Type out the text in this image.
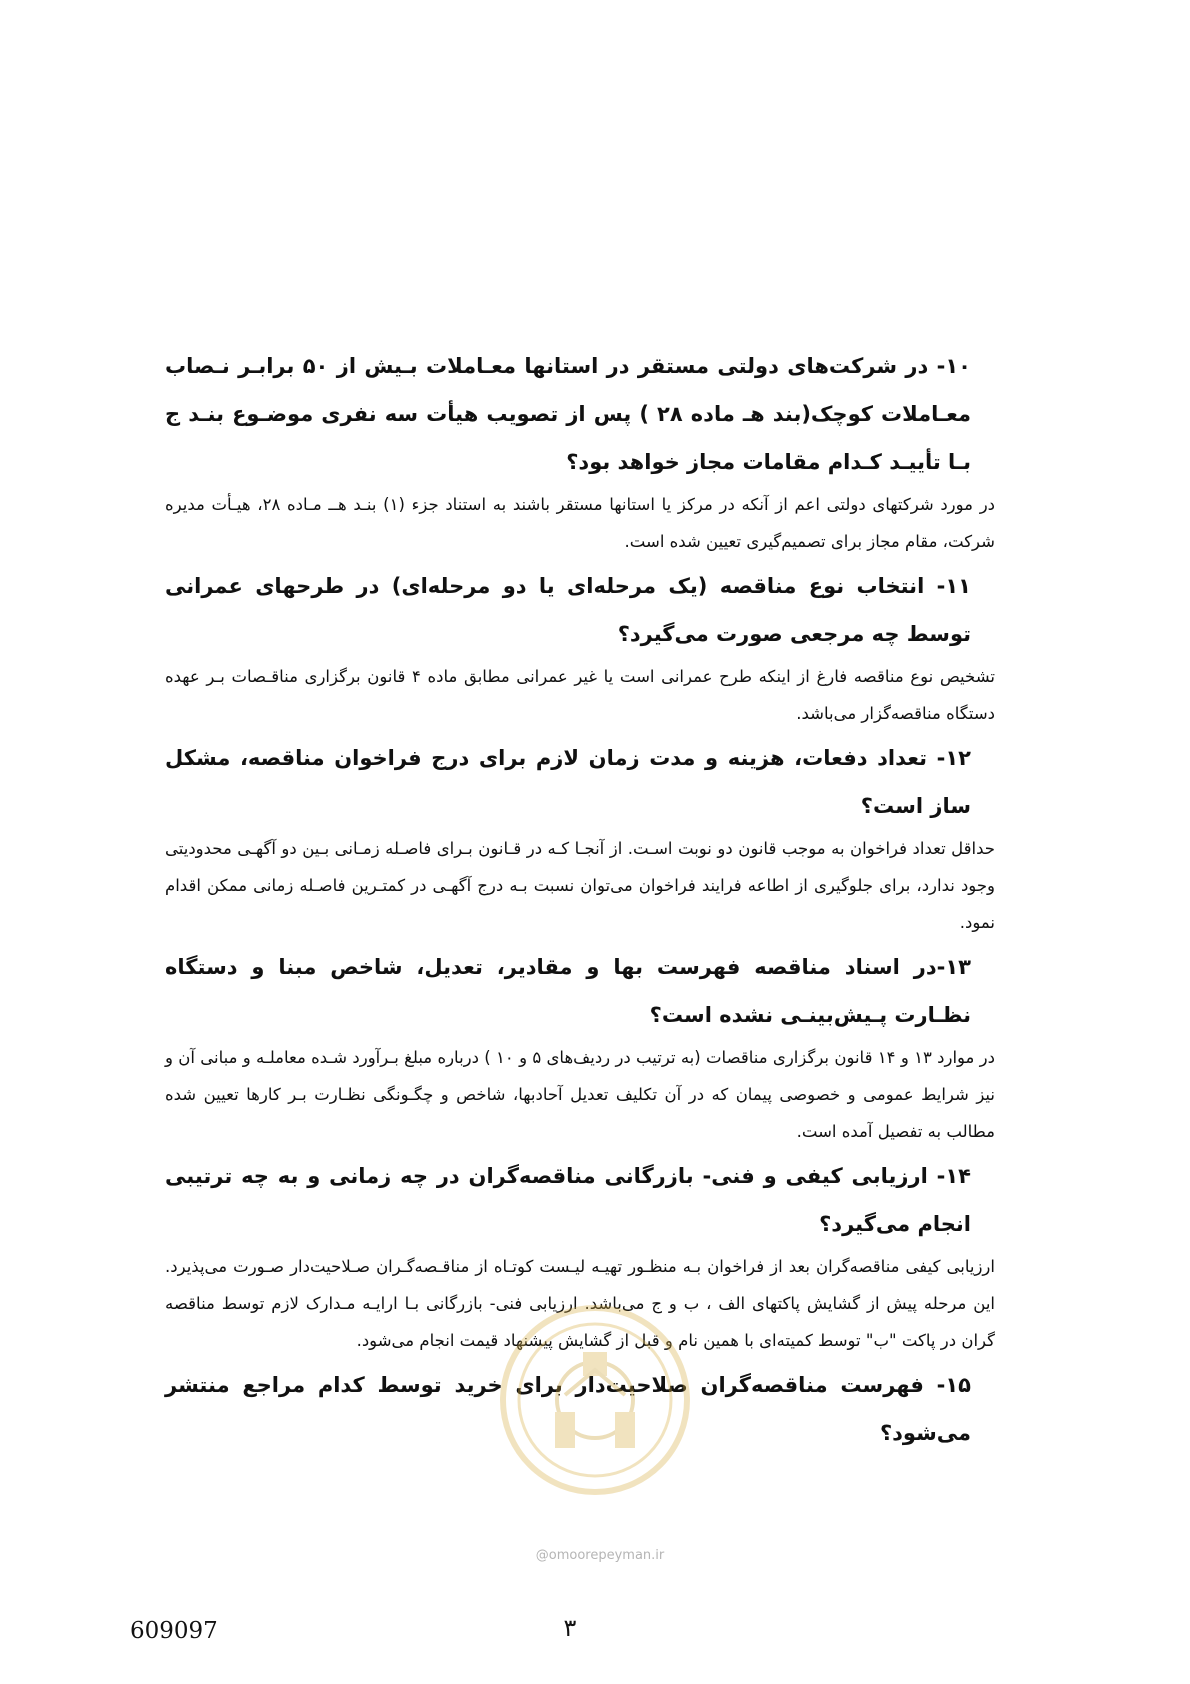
۱۰- در شرکت‌های دولتی مستقر در استانها معـاملات بـیش از ۵۰ برابـر نـصاب معـاملات کوچک(بند هـ ماده ۲۸ ) پس از تصویب هیأت سه نفری موضـوع بنـد ج بـا تأییـد کـدام مقامات مجاز خواهد بود؟

در مورد شرکتهای دولتی اعم از آنکه در مرکز یا استانها مستقر باشند به استناد جزء (۱) بنـد هــ مـاده ۲۸، هیـأت مدیره شرکت، مقام مجاز برای تصمیم‌گیری تعیین شده است.

۱۱- انتخاب نوع مناقصه (یک مرحله‌ای یا دو مرحله‌ای) در طرحهای عمرانی توسط چه مرجعی صورت می‌گیرد؟

تشخیص نوع مناقصه فارغ از اینکه طرح عمرانی است یا غیر عمرانی مطابق ماده ۴ قانون برگزاری مناقـصات بـر عهده دستگاه مناقصه‌گزار می‌باشد.

۱۲- تعداد دفعات، هزینه و مدت زمان لازم برای درج فراخوان مناقصه، مشکل ساز است؟

حداقل تعداد فراخوان به موجب قانون دو نوبت اسـت. از آنجـا کـه در قـانون بـرای فاصـله زمـانی بـین دو آگهـی محدودیتی وجود ندارد، برای جلوگیری از اطاعه فرایند فراخوان می‌توان نسبت بـه درج آگهـی در کمتـرین فاصـله زمانی ممکن اقدام نمود.

۱۳-در اسناد مناقصه فهرست بها و مقادیر، تعدیل، شاخص مبنا و دستگاه نظـارت پـیش‌بینـی نشده است؟

در موارد ۱۳ و ۱۴ قانون برگزاری مناقصات (به ترتیب در ردیف‌های ۵ و ۱۰ ) درباره مبلغ بـرآورد شـده معاملـه و مبانی آن و نیز شرایط عمومی و خصوصی پیمان که در آن تکلیف تعدیل آحادبها، شاخص و چگـونگی نظـارت بـر کارها تعیین شده مطالب به تفصیل آمده است.

۱۴- ارزیابی کیفی و فنی- بازرگانی مناقصه‌گران در چه زمانی و به چه ترتیبی انجام می‌گیرد؟

ارزیابی کیفی مناقصه‌گران بعد از فراخوان بـه منظـور تهیـه لیـست کوتـاه از مناقـصه‌گـران صـلاحیت‌دار صـورت می‌پذیرد. این مرحله پیش از گشایش پاکتهای الف ، ب و ج می‌باشد. ارزیابی فنی- بازرگانی بـا ارایـه مـدارک لازم توسط مناقصه گران در پاکت "ب" توسط کمیته‌ای با همین نام و قبل از گشایش پیشنهاد قیمت انجام می‌شود.

۱۵- فهرست مناقصه‌گران صلاحیت‌دار برای خرید توسط کدام مراجع منتشر می‌شود؟

@omoorepeyman.ir
609097	۳
